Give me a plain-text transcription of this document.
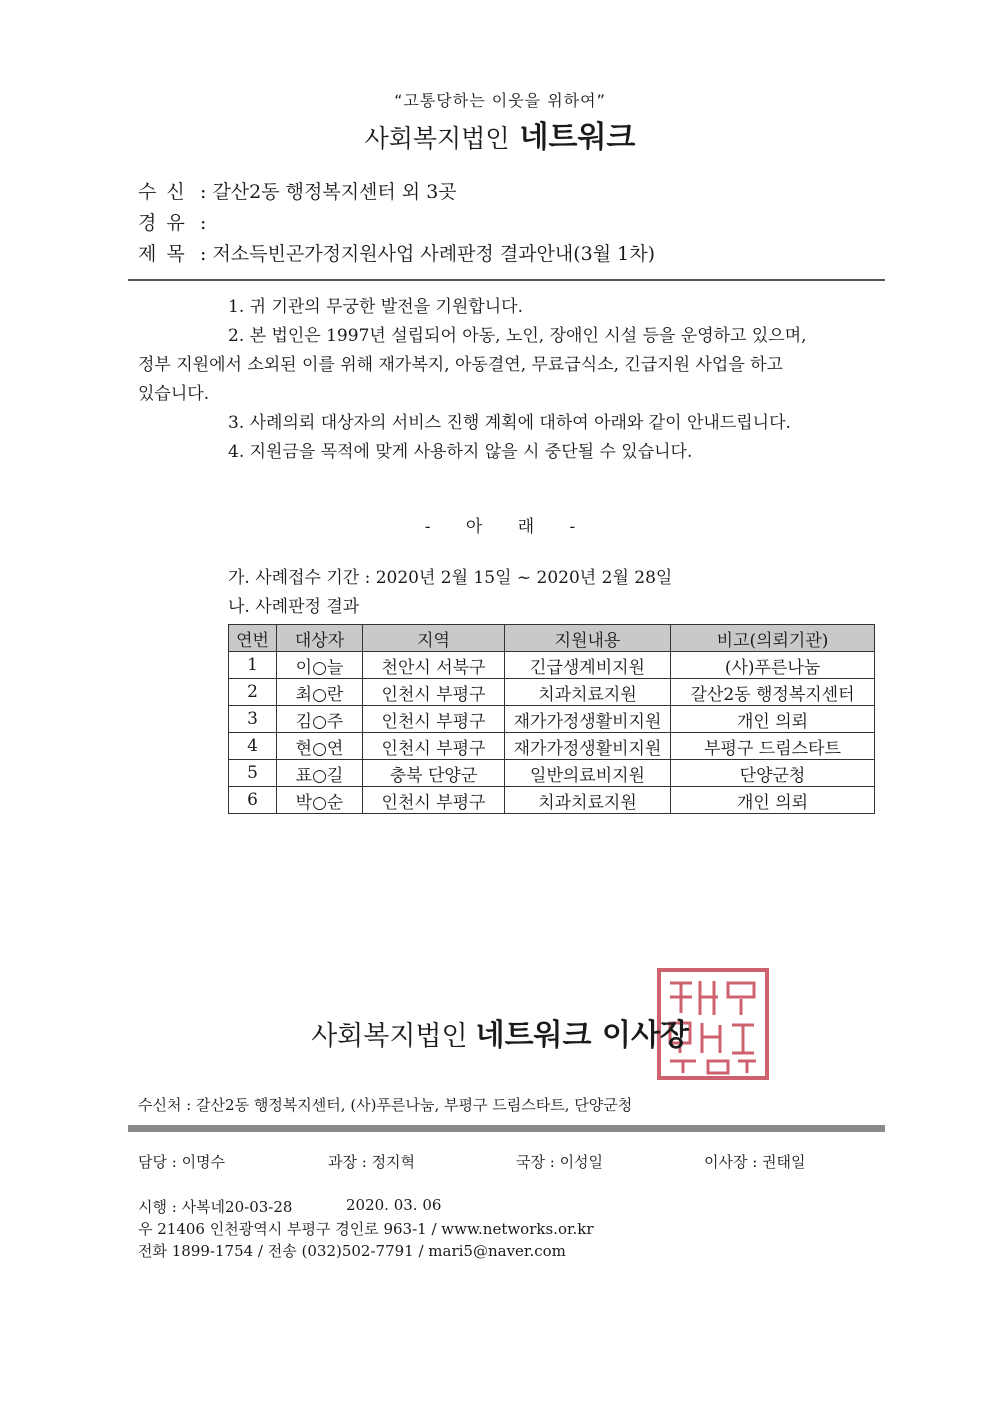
“고통당하는 이웃을 위하여”
사회복지법인 네트워크
수 신 : 갈산2동 행정복지센터 외 3곳
경 유 :
제 목 : 저소득빈곤가정지원사업 사례판정 결과안내(3월 1차)
1. 귀 기관의 무궁한 발전을 기원합니다.
2. 본 법인은 1997년 설립되어 아동, 노인, 장애인 시설 등을 운영하고 있으며,
정부 지원에서 소외된 이를 위해 재가복지, 아동결연, 무료급식소, 긴급지원 사업을 하고
있습니다.
3. 사례의뢰 대상자의 서비스 진행 계획에 대하여 아래와 같이 안내드립니다.
4. 지원금을 목적에 맞게 사용하지 않을 시 중단될 수 있습니다.
- 아 래 -
가. 사례접수 기간 : 2020년 2월 15일 ~ 2020년 2월 28일
나. 사례판정 결과
연번	대상자	지역	지원내용	비고(의뢰기관)
1	이○늘	천안시 서북구	긴급생계비지원	(사)푸른나눔
2	최○란	인천시 부평구	치과치료지원	갈산2동 행정복지센터
3	김○주	인천시 부평구	재가가정생활비지원	개인 의뢰
4	현○연	인천시 부평구	재가가정생활비지원	부평구 드림스타트
5	표○길	충북 단양군	일반의료비지원	단양군청
6	박○순	인천시 부평구	치과치료지원	개인 의뢰
사회복지법인 네트워크 이사장
수신처 : 갈산2동 행정복지센터, (사)푸른나눔, 부평구 드림스타트, 단양군청
담당 : 이명수	과장 : 정지혁	국장 : 이성일	이사장 : 권태일
시행 : 사복네20-03-28	2020. 03. 06
우 21406 인천광역시 부평구 경인로 963-1 / www.networks.or.kr
전화 1899-1754 / 전송 (032)502-7791 / mari5@naver.com
